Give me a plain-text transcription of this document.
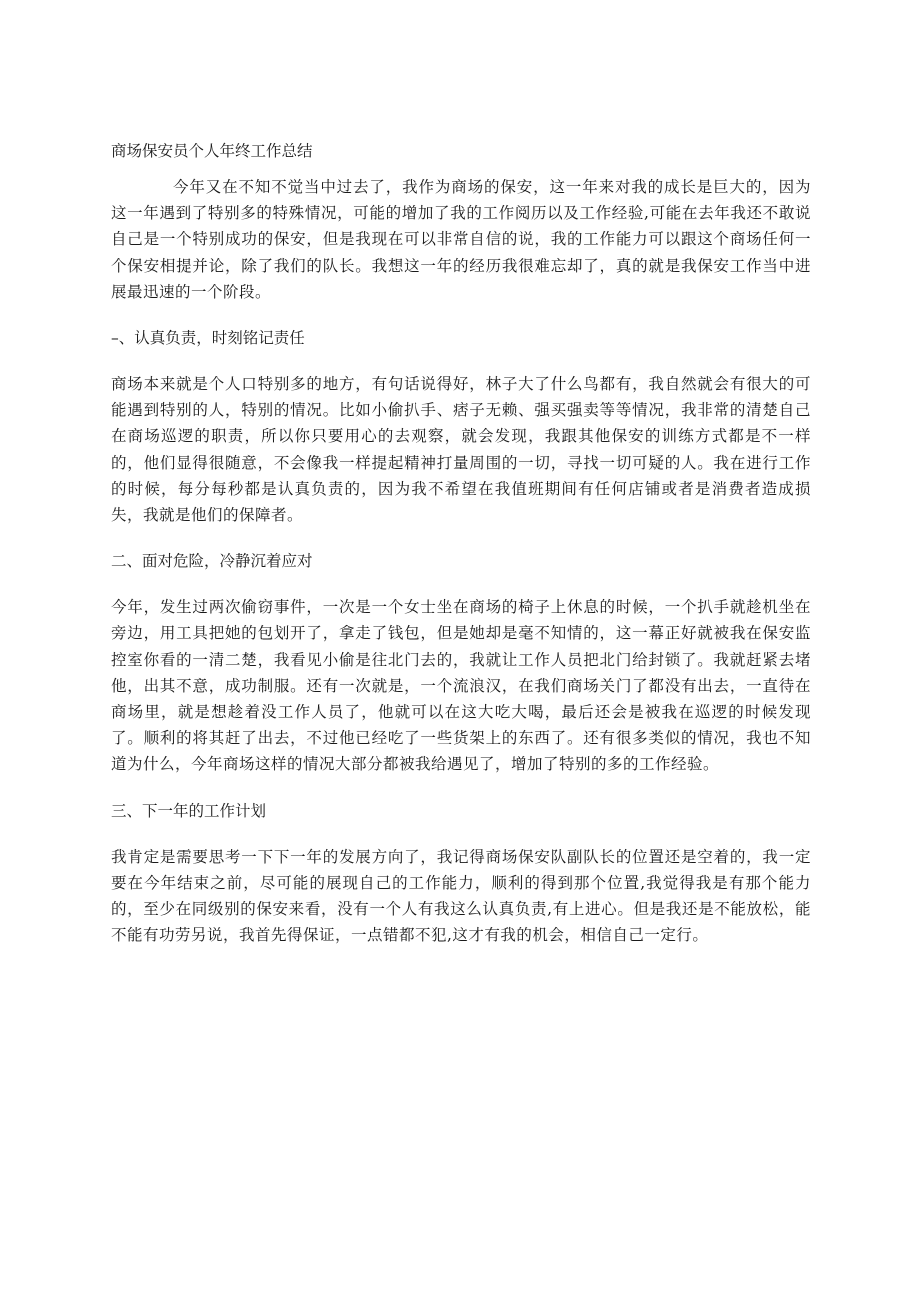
商场保安员个人年终工作总结

今年又在不知不觉当中过去了，我作为商场的保安，这一年来对我的成长是巨大的，因为这一年遇到了特别多的特殊情况，可能的增加了我的工作阅历以及工作经验,可能在去年我还不敢说自己是一个特别成功的保安，但是我现在可以非常自信的说，我的工作能力可以跟这个商场任何一个保安相提并论，除了我们的队长。我想这一年的经历我很难忘却了，真的就是我保安工作当中进展最迅速的一个阶段。

–、认真负责，时刻铭记责任

商场本来就是个人口特别多的地方，有句话说得好，林子大了什么鸟都有，我自然就会有很大的可能遇到特别的人，特别的情况。比如小偷扒手、痞子无赖、强买强卖等等情况，我非常的清楚自己在商场巡逻的职责，所以你只要用心的去观察，就会发现，我跟其他保安的训练方式都是不一样的，他们显得很随意，不会像我一样提起精神打量周围的一切，寻找一切可疑的人。我在进行工作的时候，每分每秒都是认真负责的，因为我不希望在我值班期间有任何店铺或者是消费者造成损失，我就是他们的保障者。

二、面对危险，冷静沉着应对

今年，发生过两次偷窃事件，一次是一个女士坐在商场的椅子上休息的时候，一个扒手就趁机坐在旁边，用工具把她的包划开了，拿走了钱包，但是她却是毫不知情的，这一幕正好就被我在保安监控室你看的一清二楚，我看见小偷是往北门去的，我就让工作人员把北门给封锁了。我就赶紧去堵他，出其不意，成功制服。还有一次就是，一个流浪汉，在我们商场关门了都没有出去，一直待在商场里，就是想趁着没工作人员了，他就可以在这大吃大喝，最后还会是被我在巡逻的时候发现了。顺利的将其赶了出去，不过他已经吃了一些货架上的东西了。还有很多类似的情况，我也不知道为什么，今年商场这样的情况大部分都被我给遇见了，增加了特别的多的工作经验。

三、下一年的工作计划

我肯定是需要思考一下下一年的发展方向了，我记得商场保安队副队长的位置还是空着的，我一定要在今年结束之前，尽可能的展现自己的工作能力，顺利的得到那个位置,我觉得我是有那个能力的，至少在同级别的保安来看，没有一个人有我这么认真负责,有上进心。但是我还是不能放松，能不能有功劳另说，我首先得保证，一点错都不犯,这才有我的机会，相信自己一定行。
